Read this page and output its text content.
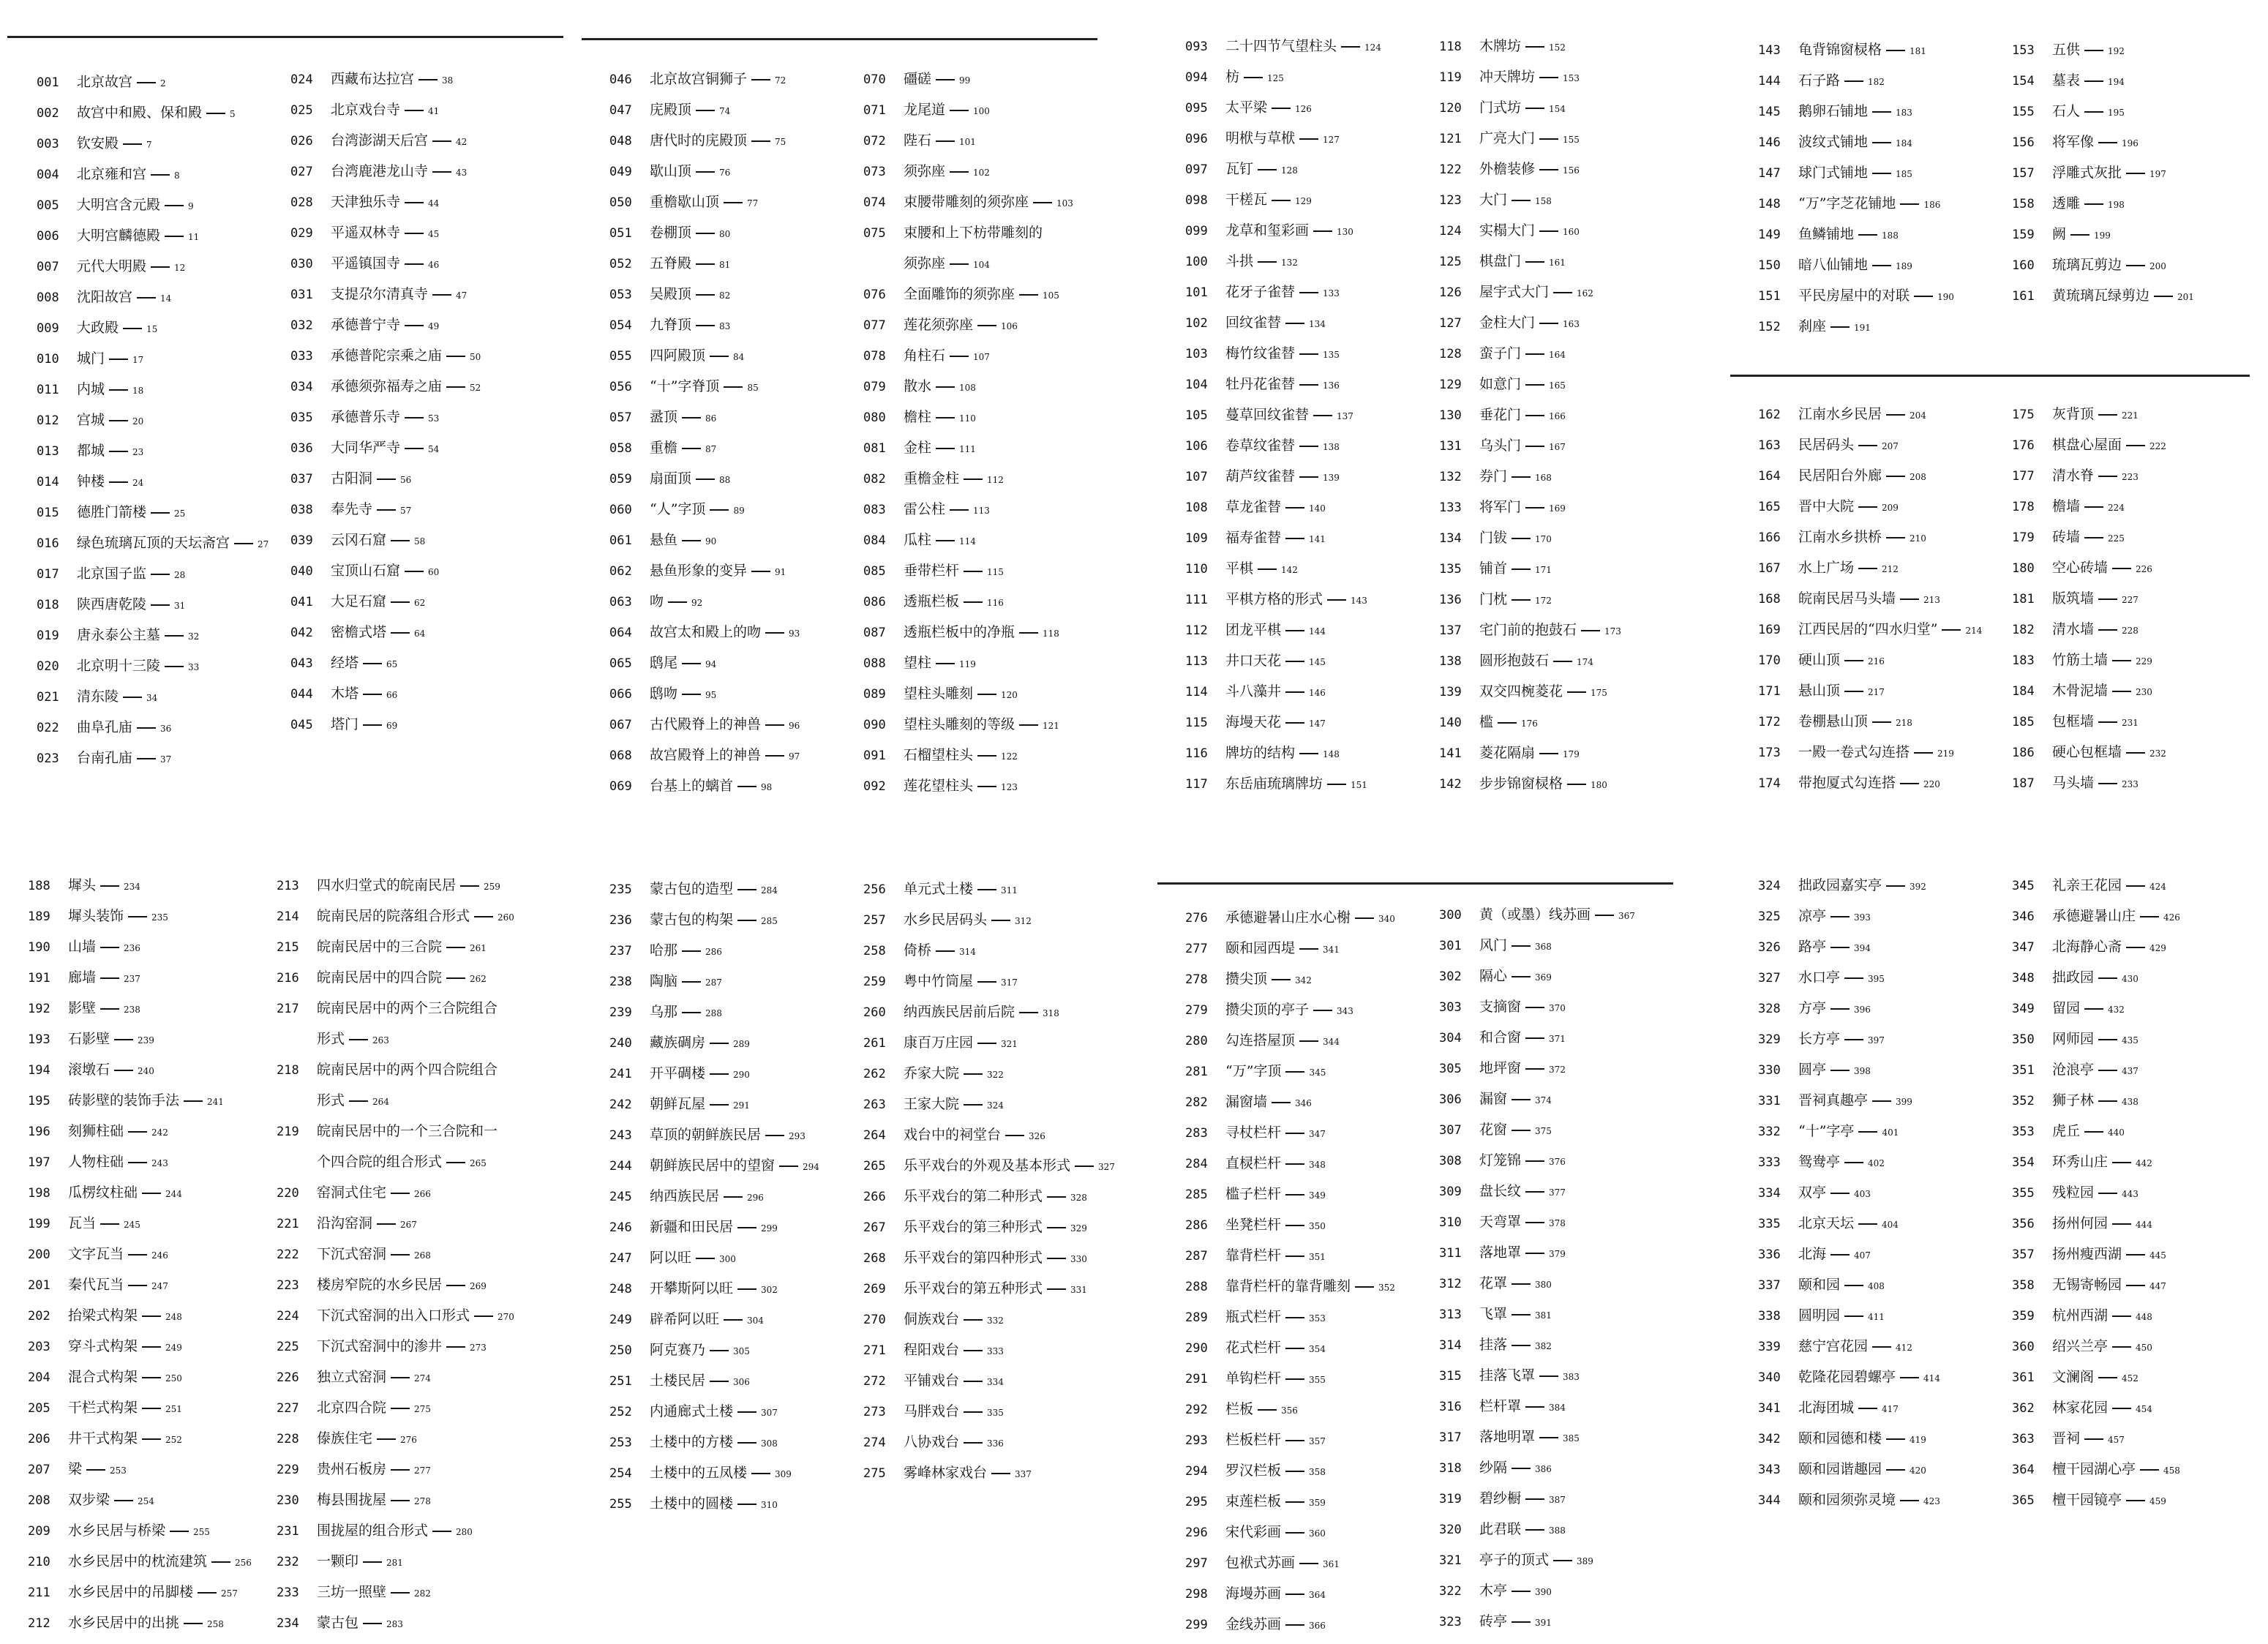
001	北京故宫	2
002	故宫中和殿、保和殿	5
003	钦安殿	7
004	北京雍和宫	8
005	大明宫含元殿	9
006	大明宫麟德殿	11
007	元代大明殿	12
008	沈阳故宫	14
009	大政殿	15
010	城门	17
011	内城	18
012	宫城	20
013	都城	23
014	钟楼	24
015	德胜门箭楼	25
016	绿色琉璃瓦顶的天坛斋宫	27
017	北京国子监	28
018	陕西唐乾陵	31
019	唐永泰公主墓	32
020	北京明十三陵	33
021	清东陵	34
022	曲阜孔庙	36
023	台南孔庙	37
024	西藏布达拉宫	38
025	北京戏台寺	41
026	台湾澎湖天后宫	42
027	台湾鹿港龙山寺	43
028	天津独乐寺	44
029	平遥双林寺	45
030	平遥镇国寺	46
031	支提尕尔清真寺	47
032	承德普宁寺	49
033	承德普陀宗乘之庙	50
034	承德须弥福寿之庙	52
035	承德普乐寺	53
036	大同华严寺	54
037	古阳洞	56
038	奉先寺	57
039	云冈石窟	58
040	宝顶山石窟	60
041	大足石窟	62
042	密檐式塔	64
043	经塔	65
044	木塔	66
045	塔门	69
046	北京故宫铜狮子	72
047	庑殿顶	74
048	唐代时的庑殿顶	75
049	歇山顶	76
050	重檐歇山顶	77
051	卷棚顶	80
052	五脊殿	81
053	吴殿顶	82
054	九脊顶	83
055	四阿殿顶	84
056	“十”字脊顶	85
057	盝顶	86
058	重檐	87
059	扇面顶	88
060	“人”字顶	89
061	悬鱼	90
062	悬鱼形象的变异	91
063	吻	92
064	故宫太和殿上的吻	93
065	鸱尾	94
066	鸱吻	95
067	古代殿脊上的神兽	96
068	故宫殿脊上的神兽	97
069	台基上的螭首	98
070	礓磋	99
071	龙尾道	100
072	陛石	101
073	须弥座	102
074	束腰带雕刻的须弥座	103
075	束腰和上下枋带雕刻的
须弥座	104
076	全面雕饰的须弥座	105
077	莲花须弥座	106
078	角柱石	107
079	散水	108
080	檐柱	110
081	金柱	111
082	重檐金柱	112
083	雷公柱	113
084	瓜柱	114
085	垂带栏杆	115
086	透瓶栏板	116
087	透瓶栏板中的净瓶	118
088	望柱	119
089	望柱头雕刻	120
090	望柱头雕刻的等级	121
091	石榴望柱头	122
092	莲花望柱头	123
093	二十四节气望柱头	124
094	枋	125
095	太平梁	126
096	明栿与草栿	127
097	瓦钉	128
098	干槎瓦	129
099	龙草和玺彩画	130
100	斗拱	132
101	花牙子雀替	133
102	回纹雀替	134
103	梅竹纹雀替	135
104	牡丹花雀替	136
105	蔓草回纹雀替	137
106	卷草纹雀替	138
107	葫芦纹雀替	139
108	草龙雀替	140
109	福寿雀替	141
110	平棋	142
111	平棋方格的形式	143
112	团龙平棋	144
113	井口天花	145
114	斗八藻井	146
115	海墁天花	147
116	牌坊的结构	148
117	东岳庙琉璃牌坊	151
118	木牌坊	152
119	冲天牌坊	153
120	门式坊	154
121	广亮大门	155
122	外檐装修	156
123	大门	158
124	实榻大门	160
125	棋盘门	161
126	屋宇式大门	162
127	金柱大门	163
128	蛮子门	164
129	如意门	165
130	垂花门	166
131	乌头门	167
132	券门	168
133	将军门	169
134	门钹	170
135	铺首	171
136	门枕	172
137	宅门前的抱鼓石	173
138	圆形抱鼓石	174
139	双交四椀菱花	175
140	槛	176
141	菱花隔扇	179
142	步步锦窗棂格	180
143	龟背锦窗棂格	181
144	石子路	182
145	鹅卵石铺地	183
146	波纹式铺地	184
147	球门式铺地	185
148	“万”字芝花铺地	186
149	鱼鳞铺地	188
150	暗八仙铺地	189
151	平民房屋中的对联	190
152	刹座	191
153	五供	192
154	墓表	194
155	石人	195
156	将军像	196
157	浮雕式灰批	197
158	透雕	198
159	阙	199
160	琉璃瓦剪边	200
161	黄琉璃瓦绿剪边	201
162	江南水乡民居	204
163	民居码头	207
164	民居阳台外廊	208
165	晋中大院	209
166	江南水乡拱桥	210
167	水上广场	212
168	皖南民居马头墙	213
169	江西民居的“四水归堂”	214
170	硬山顶	216
171	悬山顶	217
172	卷棚悬山顶	218
173	一殿一卷式勾连搭	219
174	带抱厦式勾连搭	220
175	灰背顶	221
176	棋盘心屋面	222
177	清水脊	223
178	檐墙	224
179	砖墙	225
180	空心砖墙	226
181	版筑墙	227
182	清水墙	228
183	竹筋土墙	229
184	木骨泥墙	230
185	包框墙	231
186	硬心包框墙	232
187	马头墙	233
188	墀头	234
189	墀头装饰	235
190	山墙	236
191	廊墙	237
192	影壁	238
193	石影壁	239
194	滚墩石	240
195	砖影壁的装饰手法	241
196	刻狮柱础	242
197	人物柱础	243
198	瓜楞纹柱础	244
199	瓦当	245
200	文字瓦当	246
201	秦代瓦当	247
202	抬梁式构架	248
203	穿斗式构架	249
204	混合式构架	250
205	干栏式构架	251
206	井干式构架	252
207	梁	253
208	双步梁	254
209	水乡民居与桥梁	255
210	水乡民居中的枕流建筑	256
211	水乡民居中的吊脚楼	257
212	水乡民居中的出挑	258
213	四水归堂式的皖南民居	259
214	皖南民居的院落组合形式	260
215	皖南民居中的三合院	261
216	皖南民居中的四合院	262
217	皖南民居中的两个三合院组合
形式	263
218	皖南民居中的两个四合院组合
形式	264
219	皖南民居中的一个三合院和一
个四合院的组合形式	265
220	窑洞式住宅	266
221	沿沟窑洞	267
222	下沉式窑洞	268
223	楼房窄院的水乡民居	269
224	下沉式窑洞的出入口形式	270
225	下沉式窑洞中的渗井	273
226	独立式窑洞	274
227	北京四合院	275
228	傣族住宅	276
229	贵州石板房	277
230	梅县围拢屋	278
231	围拢屋的组合形式	280
232	一颗印	281
233	三坊一照壁	282
234	蒙古包	283
235	蒙古包的造型	284
236	蒙古包的构架	285
237	哈那	286
238	陶脑	287
239	乌那	288
240	藏族碉房	289
241	开平碉楼	290
242	朝鲜瓦屋	291
243	草顶的朝鲜族民居	293
244	朝鲜族民居中的望窗	294
245	纳西族民居	296
246	新疆和田民居	299
247	阿以旺	300
248	开攀斯阿以旺	302
249	辟希阿以旺	304
250	阿克赛乃	305
251	土楼民居	306
252	内通廊式土楼	307
253	土楼中的方楼	308
254	土楼中的五凤楼	309
255	土楼中的圆楼	310
256	单元式土楼	311
257	水乡民居码头	312
258	倚桥	314
259	粤中竹筒屋	317
260	纳西族民居前后院	318
261	康百万庄园	321
262	乔家大院	322
263	王家大院	324
264	戏台中的祠堂台	326
265	乐平戏台的外观及基本形式	327
266	乐平戏台的第二种形式	328
267	乐平戏台的第三种形式	329
268	乐平戏台的第四种形式	330
269	乐平戏台的第五种形式	331
270	侗族戏台	332
271	程阳戏台	333
272	平铺戏台	334
273	马胖戏台	335
274	八协戏台	336
275	雾峰林家戏台	337
276	承德避暑山庄水心榭	340
277	颐和园西堤	341
278	攒尖顶	342
279	攒尖顶的亭子	343
280	勾连搭屋顶	344
281	“万”字顶	345
282	漏窗墙	346
283	寻杖栏杆	347
284	直棂栏杆	348
285	槛子栏杆	349
286	坐凳栏杆	350
287	靠背栏杆	351
288	靠背栏杆的靠背雕刻	352
289	瓶式栏杆	353
290	花式栏杆	354
291	单钩栏杆	355
292	栏板	356
293	栏板栏杆	357
294	罗汉栏板	358
295	束莲栏板	359
296	宋代彩画	360
297	包袱式苏画	361
298	海墁苏画	364
299	金线苏画	366
300	黄（或墨）线苏画	367
301	风门	368
302	隔心	369
303	支摘窗	370
304	和合窗	371
305	地坪窗	372
306	漏窗	374
307	花窗	375
308	灯笼锦	376
309	盘长纹	377
310	天弯罩	378
311	落地罩	379
312	花罩	380
313	飞罩	381
314	挂落	382
315	挂落飞罩	383
316	栏杆罩	384
317	落地明罩	385
318	纱隔	386
319	碧纱橱	387
320	此君联	388
321	亭子的顶式	389
322	木亭	390
323	砖亭	391
324	拙政园嘉实亭	392
325	凉亭	393
326	路亭	394
327	水口亭	395
328	方亭	396
329	长方亭	397
330	圆亭	398
331	晋祠真趣亭	399
332	“十”字亭	401
333	鸳鸯亭	402
334	双亭	403
335	北京天坛	404
336	北海	407
337	颐和园	408
338	圆明园	411
339	慈宁宫花园	412
340	乾隆花园碧螺亭	414
341	北海团城	417
342	颐和园德和楼	419
343	颐和园谐趣园	420
344	颐和园须弥灵境	423
345	礼亲王花园	424
346	承德避暑山庄	426
347	北海静心斋	429
348	拙政园	430
349	留园	432
350	网师园	435
351	沧浪亭	437
352	狮子林	438
353	虎丘	440
354	环秀山庄	442
355	残粒园	443
356	扬州何园	444
357	扬州瘦西湖	445
358	无锡寄畅园	447
359	杭州西湖	448
360	绍兴兰亭	450
361	文澜阁	452
362	林家花园	454
363	晋祠	457
364	檀干园湖心亭	458
365	檀干园镜亭	459
